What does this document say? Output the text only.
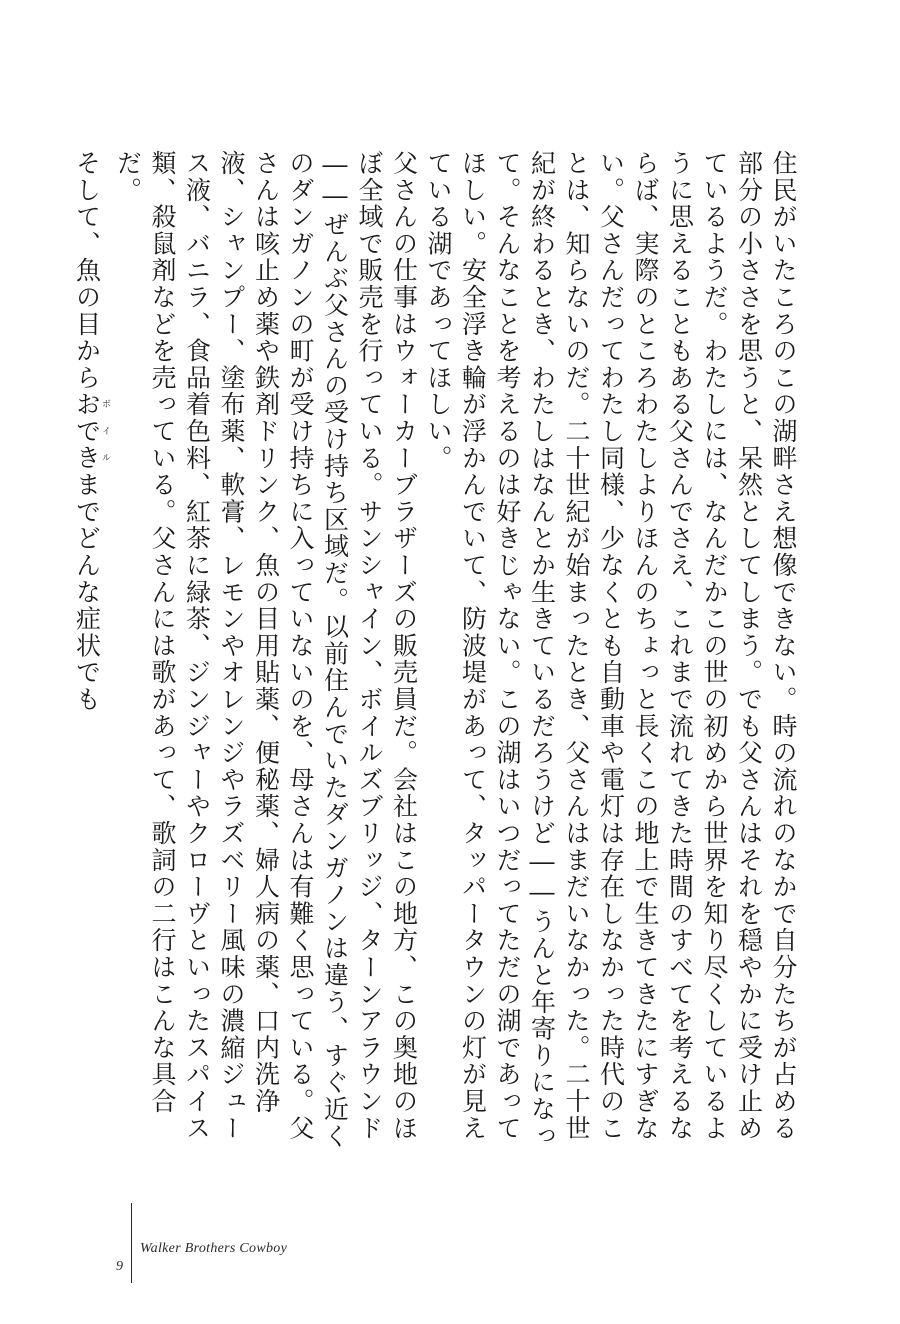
住民がいたころのこの湖畔さえ想像できない。時の流れのなかで自分たちが占める部分の小ささを思うと、呆然としてしまう。でも父さんはそれを穏やかに受け止めているようだ。わたしには、なんだかこの世の初めから世界を知り尽くしているように思えることもある父さんでさえ、これまで流れてきた時間のすべてを考えるならば、実際のところわたしよりほんのちょっと長くこの地上で生きてきたにすぎない。父さんだってわたし同様、少なくとも自動車や電灯は存在しなかった時代のことは、知らないのだ。二十世紀が始まったとき、父さんはまだいなかった。二十世紀が終わるとき、わたしはなんとか生きているだろうけど――うんと年寄りになって。そんなことを考えるのは好きじゃない。この湖はいつだってただの湖であってほしい。安全浮き輪が浮かんでいて、防波堤があって、タッパータウンの灯が見えている湖であってほしい。

父さんの仕事はウォーカーブラザーズの販売員だ。会社はこの地方、この奥地のほぼ全域で販売を行っている。サンシャイン、ボイルズブリッジ、ターンアラウンド――ぜんぶ父さんの受け持ち区域だ。以前住んでいたダンガノンは違う、すぐ近くのダンガノンの町が受け持ちに入っていないのを、母さんは有難く思っている。父さんは咳止め薬や鉄剤ドリンク、魚の目用貼薬、便秘薬、婦人病の薬、口内洗浄液、シャンプー、塗布薬、軟膏、レモンやオレンジやラズベリー風味の濃縮ジュース液、バニラ、食品着色料、紅茶に緑茶、ジンジャーやクローヴといったスパイス類、殺鼠剤などを売っている。父さんには歌があって、歌詞の二行はこんな具合だ。

そして、魚の目からおできボイルまでどんな症状でも

9
Walker Brothers Cowboy
